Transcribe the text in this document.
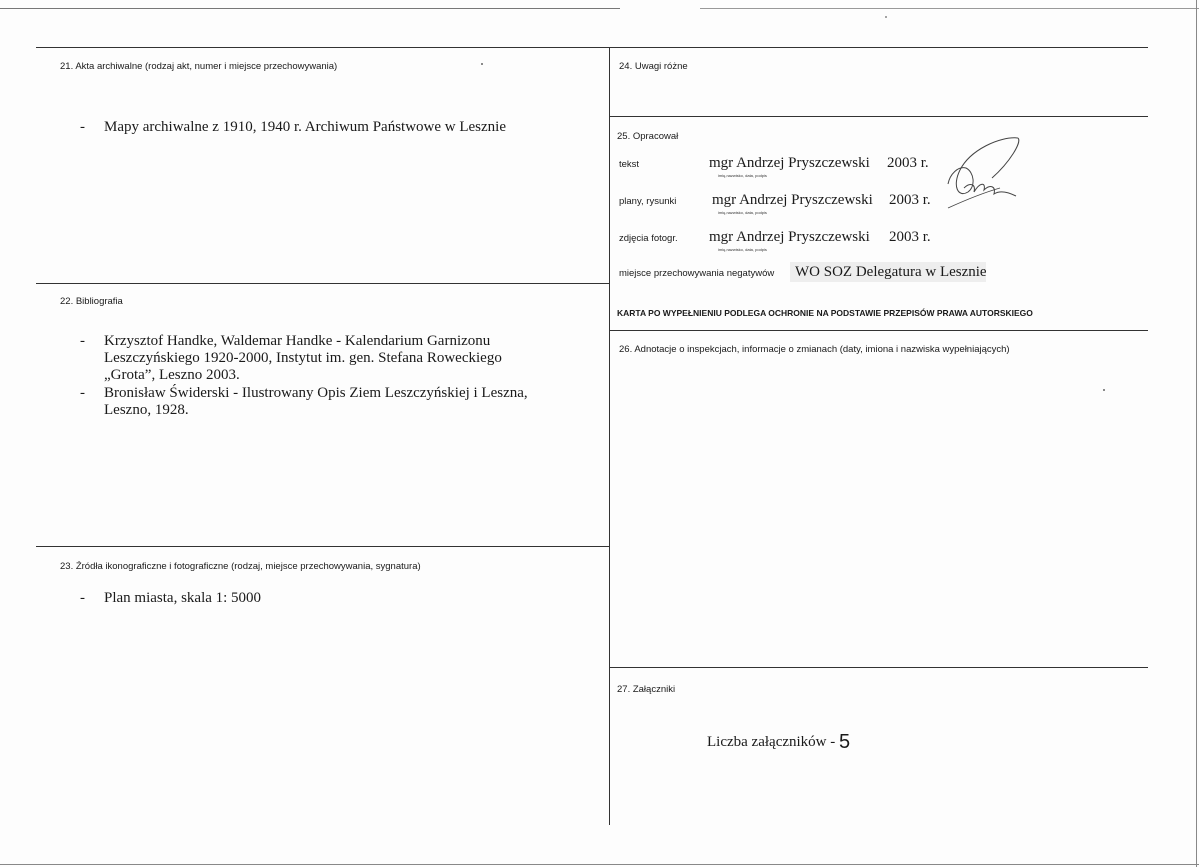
21. Akta archiwalne (rodzaj akt, numer i miejsce przechowywania)
- Mapy archiwalne z 1910, 1940 r. Archiwum Państwowe w Lesznie
22. Bibliografia
- Krzysztof Handke, Waldemar Handke - Kalendarium Garnizonu
Leszczyńskiego 1920-2000, Instytut im. gen. Stefana Roweckiego
„Grota”, Leszno 2003.
- Bronisław Świderski - Ilustrowany Opis Ziem Leszczyńskiej i Leszna,
Leszno, 1928.
23. Źródła ikonograficzne i fotograficzne (rodzaj, miejsce przechowywania, sygnatura)
- Plan miasta, skala 1: 5000
24. Uwagi różne
25. Opracował
tekst	mgr Andrzej Pryszczewski 2003 r.
imię,nazwisko, data, podpis
plany, rysunki mgr Andrzej Pryszczewski 2003 r.
imię,nazwisko, data, podpis
zdjęcia fotogr. mgr Andrzej Pryszczewski 2003 r.
imię,nazwisko, data, podpis
miejsce przechowywania negatywów WO SOZ Delegatura w Lesznie
KARTA PO WYPEŁNIENIU PODLEGA OCHRONIE NA PODSTAWIE PRZEPISÓW PRAWA AUTORSKIEGO
26. Adnotacje o inspekcjach, informacje o zmianach (daty, imiona i nazwiska wypełniających)
27. Załączniki
Liczba załączników - 5
